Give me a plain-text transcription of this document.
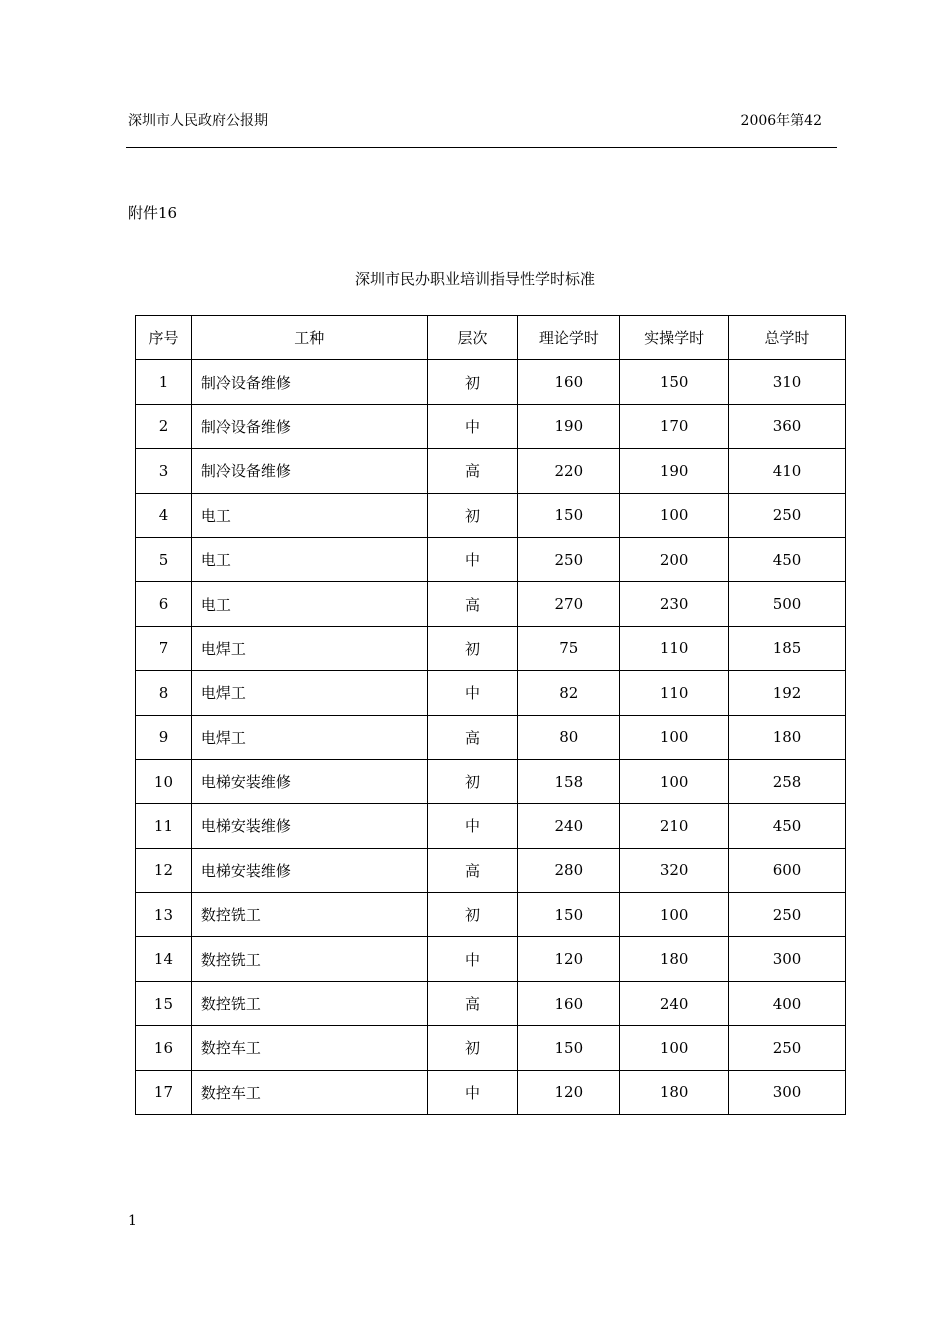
深圳市人民政府公报期	2006年第42
附件16
深圳市民办职业培训指导性学时标准
序号	工种	层次	理论学时	实操学时	总学时
1	制冷设备维修	初	160	150	310
2	制冷设备维修	中	190	170	360
3	制冷设备维修	高	220	190	410
4	电工	初	150	100	250
5	电工	中	250	200	450
6	电工	高	270	230	500
7	电焊工	初	75	110	185
8	电焊工	中	82	110	192
9	电焊工	高	80	100	180
10	电梯安装维修	初	158	100	258
11	电梯安装维修	中	240	210	450
12	电梯安装维修	高	280	320	600
13	数控铣工	初	150	100	250
14	数控铣工	中	120	180	300
15	数控铣工	高	160	240	400
16	数控车工	初	150	100	250
17	数控车工	中	120	180	300
1
